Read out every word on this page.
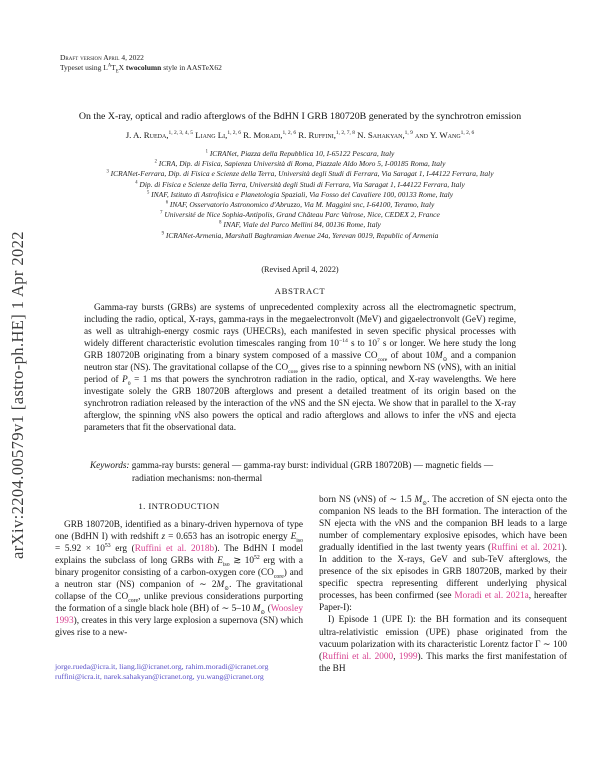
arXiv:2204.00579v1 [astro-ph.HE] 1 Apr 2022
Draft version April 4, 2022
Typeset using $L^AT_EX$ twocolumn style in AASTeX62
On the X-ray, optical and radio afterglows of the BdHN I GRB 180720B generated by the synchrotron emission
J. A. Rueda,$^{1, 2, 3, 4, 5}$ Liang Li,$^{1, 2, 6}$ R. Moradi,$^{1, 2, 6}$ R. Ruffini,$^{1, 2, 7, 8}$ N. Sahakyan,$^{1, 9}$ and Y. Wang$^{1, 2, 6}$
$^1$ ICRANet, Piazza della Repubblica 10, I-65122 Pescara, Italy
$^2$ ICRA, Dip. di Fisica, Sapienza Università di Roma, Piazzale Aldo Moro 5, I-00185 Roma, Italy
$^3$ ICRANet-Ferrara, Dip. di Fisica e Scienze della Terra, Università degli Studi di Ferrara, Via Saragat 1, I-44122 Ferrara, Italy
$^4$ Dip. di Fisica e Scienze della Terra, Università degli Studi di Ferrara, Via Saragat 1, I-44122 Ferrara, Italy
$^5$ INAF, Istituto di Astrofisica e Planetologia Spaziali, Via Fosso del Cavaliere 100, 00133 Rome, Italy
$^6$ INAF, Osservatorio Astronomico d'Abruzzo, Via M. Maggini snc, I-64100, Teramo, Italy
$^7$ Université de Nice Sophia-Antipolis, Grand Château Parc Valrose, Nice, CEDEX 2, France
$^8$ INAF, Viale del Parco Mellini 84, 00136 Rome, Italy
$^9$ ICRANet-Armenia, Marshall Baghramian Avenue 24a, Yerevan 0019, Republic of Armenia
(Revised April 4, 2022)
ABSTRACT
Gamma-ray bursts (GRBs) are systems of unprecedented complexity across all the electromagnetic spectrum, including the radio, optical, X-rays, gamma-rays in the megaelectronvolt (MeV) and gigaelectronvolt (GeV) regime, as well as ultrahigh-energy cosmic rays (UHECRs), each manifested in seven specific physical processes with widely different characteristic evolution timescales ranging from $10^{-14}$ s to $10^7$ s or longer. We here study the long GRB 180720B originating from a binary system composed of a massive $CO_{core}$ of about $10M_⊙$ and a companion neutron star (NS). The gravitational collapse of the $CO_{core}$ gives rise to a spinning newborn NS (νNS), with an initial period of $P_0 = 1$ ms that powers the synchrotron radiation in the radio, optical, and X-ray wavelengths. We here investigate solely the GRB 180720B afterglows and present a detailed treatment of its origin based on the synchrotron radiation released by the interaction of the νNS and the SN ejecta. We show that in parallel to the X-ray afterglow, the spinning νNS also powers the optical and radio afterglows and allows to infer the νNS and ejecta parameters that fit the observational data.
Keywords: gamma-ray bursts: general — gamma-ray burst: individual (GRB 180720B) — magnetic fields — radiation mechanisms: non-thermal
1. INTRODUCTION

GRB 180720B, identified as a binary-driven hypernova of type one (BdHN I) with redshift z = 0.653 has an isotropic energy $E_{iso} = 5.92 \times 10^{53}$ erg (Ruffini et al. 2018b). The BdHN I model explains the subclass of long GRBs with $E_{iso}$ ≳ $10^{52}$ erg with a binary progenitor consisting of a carbon-oxygen core $(CO_{core})$ and a neutron star (NS) companion of ∼ $2M_⊙$. The gravitational collapse of the $CO_{core}$, unlike previous considerations purporting the formation of a single black hole (BH) of ∼ 5–10 $M_⊙$ (Woosley 1993), creates in this very large explosion a supernova (SN) which gives rise to a new-

born NS (νNS) of ∼ 1.5 $M_⊙$. The accretion of SN ejecta onto the companion NS leads to the BH formation. The interaction of the SN ejecta with the νNS and the companion BH leads to a large number of complementary explosive episodes, which have been gradually identified in the last twenty years (Ruffini et al. 2021). In addition to the X-rays, GeV and sub-TeV afterglows, the presence of the six episodes in GRB 180720B, marked by their specific spectra representing different underlying physical processes, has been confirmed (see Moradi et al. 2021a, hereafter Paper-I):

I) Episode 1 (UPE I): the BH formation and its consequent ultra-relativistic emission (UPE) phase originated from the vacuum polarization with its characteristic Lorentz factor Γ ∼ 100 (Ruffini et al. 2000, 1999). This marks the first manifestation of the BH

jorge.rueda@icra.it, liang.li@icranet.org, rahim.moradi@icranet.org
ruffini@icra.it, narek.sahakyan@icranet.org, yu.wang@icranet.org
